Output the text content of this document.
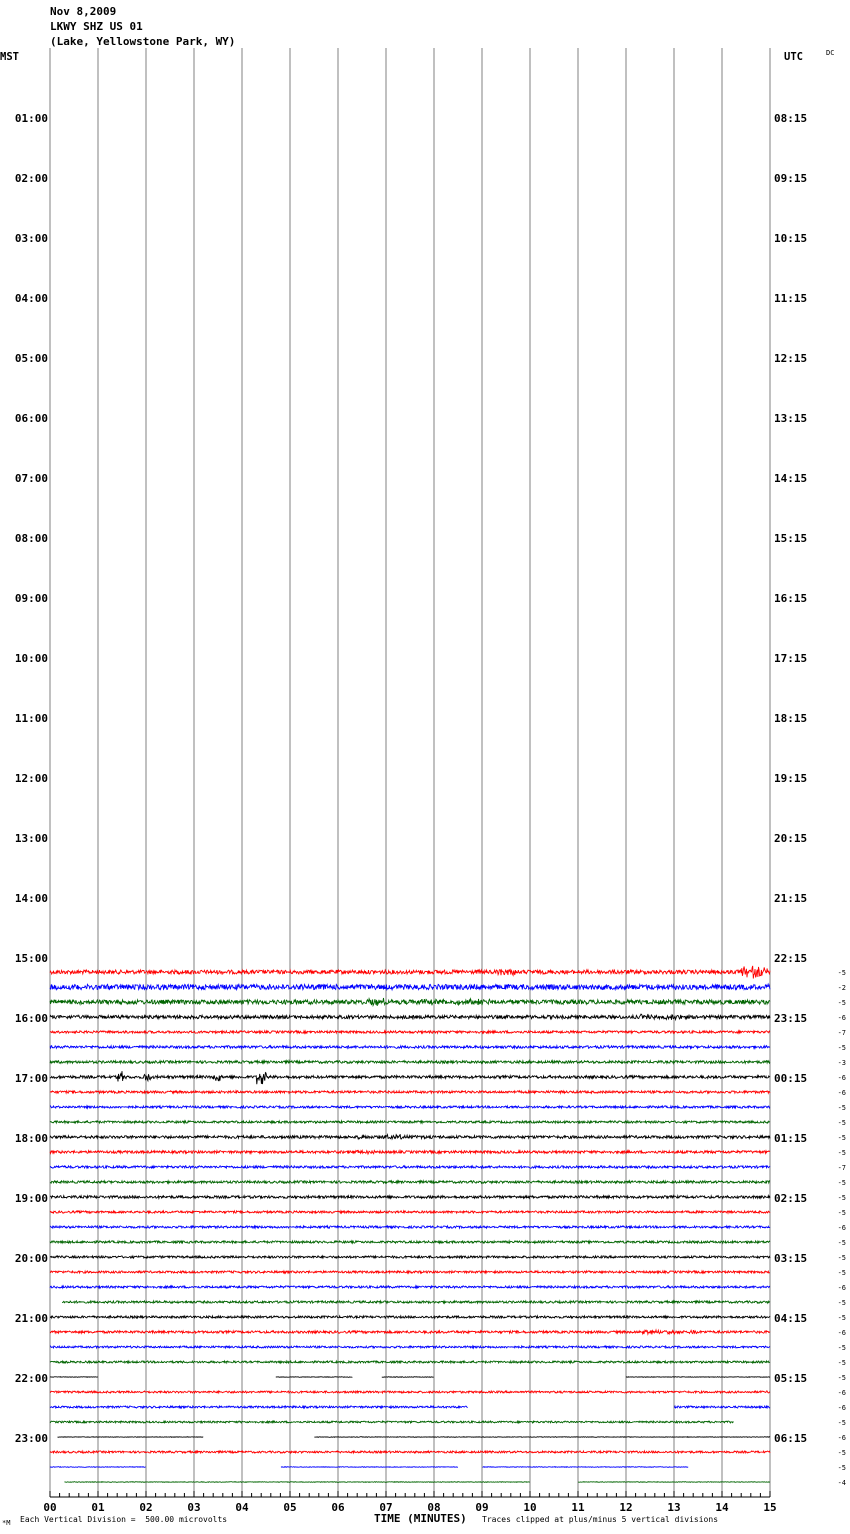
Nov 8,2009
LKWY SHZ US 01
(Lake, Yellowstone Park, WY)
MST	UTC	DC
00	01	02	03	04	05	06	07	08	09	10	11	12	13	14	15
01:00
02:00
03:00
04:00
05:00
06:00
07:00
08:00
09:00
10:00
11:00
12:00
13:00
14:00
15:00
16:00
17:00
18:00
19:00
20:00
21:00
22:00
23:00
08:15
09:15
10:15
11:15
12:15
13:15
14:15
15:15
16:15
17:15
18:15
19:15
20:15
21:15
22:15
23:15
00:15
01:15
02:15
03:15
04:15
05:15
06:15
-5
-2
-5
-6
-7
-5
-3
-6
-6
-5
-5
-5
-5
-7
-5
-5
-5
-6
-5
-5
-5
-6
-5
-5
-6
-5
-5
-5
-6
-6
-5
-6
-5
-5
-4
*M Each Vertical Division =  500.00 microvolts	TIME (MINUTES) Traces clipped at plus/minus 5 vertical divisions
